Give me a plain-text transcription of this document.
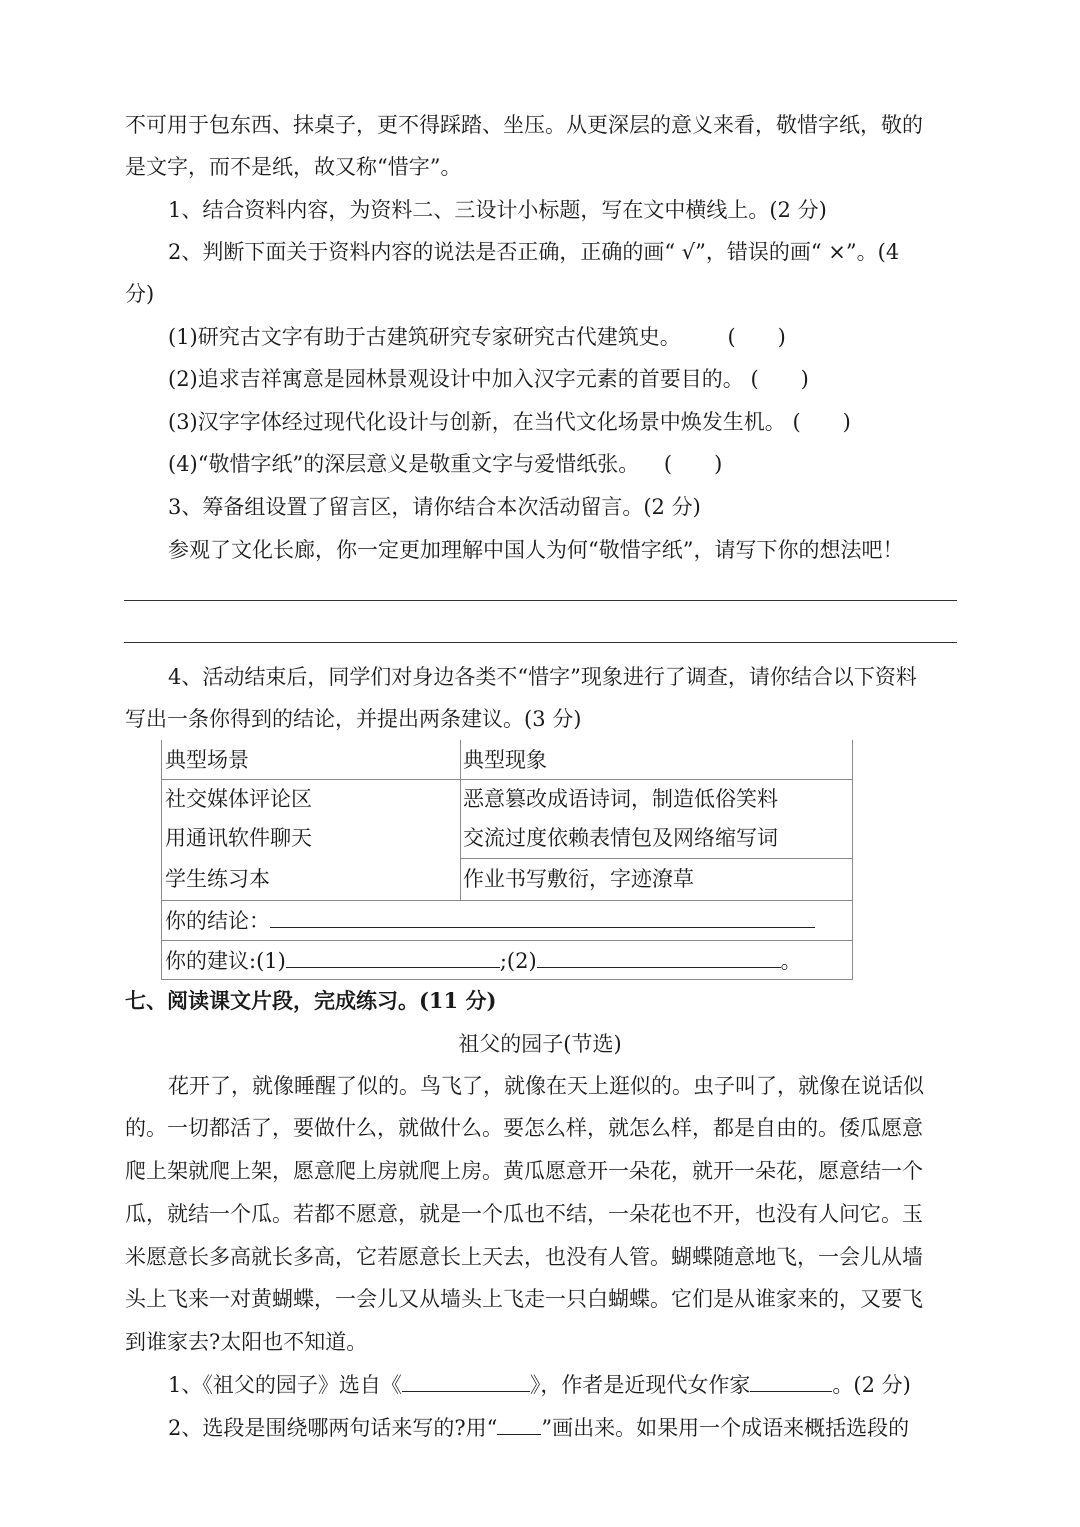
不可用于包东西、抹桌子，更不得踩踏、坐压。从更深层的意义来看，敬惜字纸，敬的
是文字，而不是纸，故又称“惜字”。
1、结合资料内容，为资料二、三设计小标题，写在文中横线上。(2 分)
2、判断下面关于资料内容的说法是否正确，正确的画“ √”，错误的画“ ×”。(4
分)
(1)研究古文字有助于古建筑研究专家研究古代建筑史。 (　　)
(2)追求吉祥寓意是园林景观设计中加入汉字元素的首要目的。 (　　)
(3)汉字字体经过现代化设计与创新，在当代文化场景中焕发生机。 (　　)
(4)“敬惜字纸”的深层意义是敬重文字与爱惜纸张。 (　　)
3、筹备组设置了留言区，请你结合本次活动留言。(2 分)
参观了文化长廊，你一定更加理解中国人为何“敬惜字纸”，请写下你的想法吧！
4、活动结束后，同学们对身边各类不“惜字”现象进行了调查，请你结合以下资料
写出一条你得到的结论，并提出两条建议。(3 分)
典型场景	典型现象
社交媒体评论区	恶意篡改成语诗词，制造低俗笑料
用通讯软件聊天	交流过度依赖表情包及网络缩写词
学生练习本	作业书写敷衍，字迹潦草
你的结论：
你的建议:(1)	;(2)	。
七、阅读课文片段，完成练习。(11 分)
祖父的园子(节选)
花开了，就像睡醒了似的。鸟飞了，就像在天上逛似的。虫子叫了，就像在说话似
的。一切都活了，要做什么，就做什么。要怎么样，就怎么样，都是自由的。倭瓜愿意
爬上架就爬上架，愿意爬上房就爬上房。黄瓜愿意开一朵花，就开一朵花，愿意结一个
瓜，就结一个瓜。若都不愿意，就是一个瓜也不结，一朵花也不开，也没有人问它。玉
米愿意长多高就长多高，它若愿意长上天去，也没有人管。蝴蝶随意地飞，一会儿从墙
头上飞来一对黄蝴蝶，一会儿又从墙头上飞走一只白蝴蝶。它们是从谁家来的，又要飞
到谁家去?太阳也不知道。
1、《祖父的园子》选自《	》，作者是近现代女作家	。(2 分)
2、选段是围绕哪两句话来写的?用“ ”画出来。如果用一个成语来概括选段的
